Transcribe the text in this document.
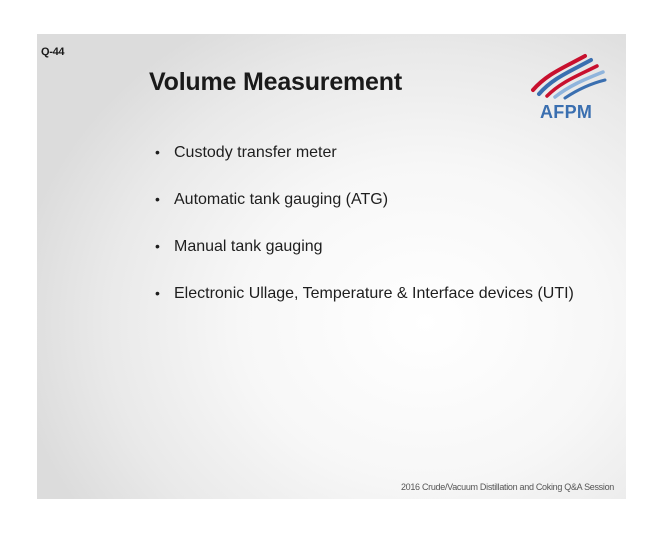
Q-44
Volume Measurement
AFPM
• Custody transfer meter
• Automatic tank gauging (ATG)
• Manual tank gauging
• Electronic Ullage, Temperature & Interface devices (UTI)
2016 Crude/Vacuum Distillation and Coking Q&A Session
